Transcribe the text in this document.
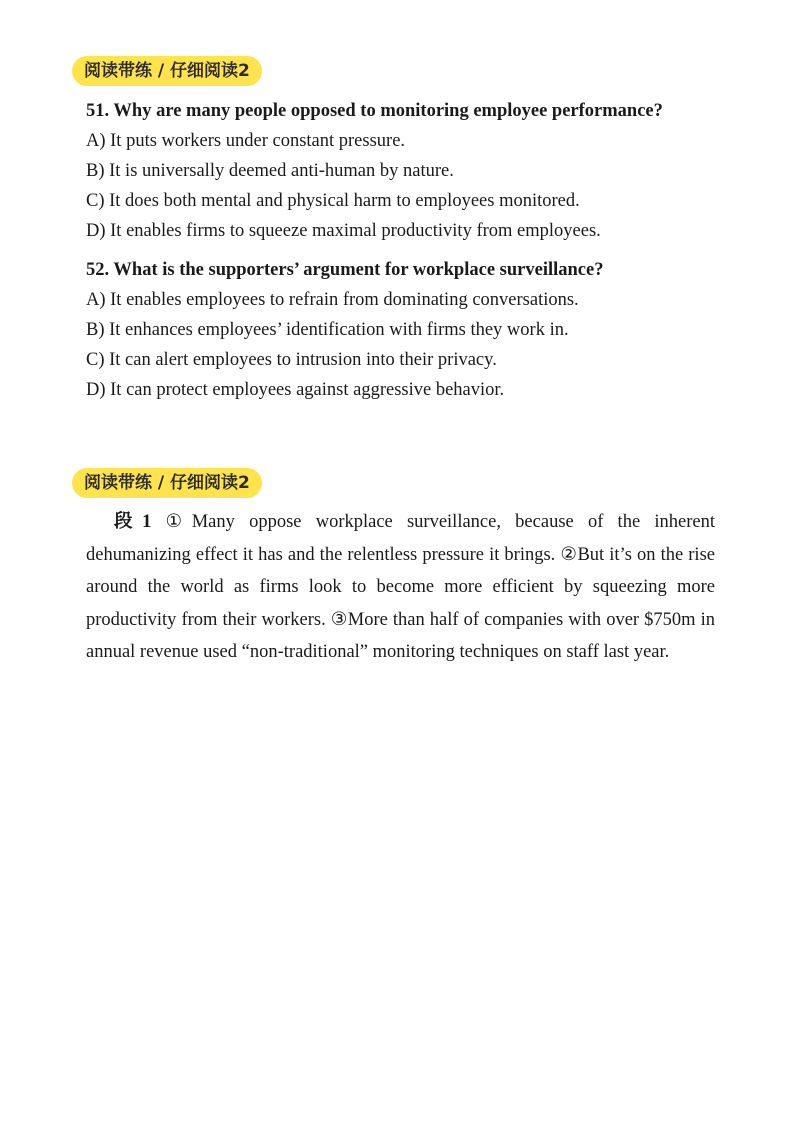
阅读带练 / 仔细阅读2

51. Why are many people opposed to monitoring employee performance?

A) It puts workers under constant pressure.

B) It is universally deemed anti-human by nature.

C) It does both mental and physical harm to employees monitored.

D) It enables firms to squeeze maximal productivity from employees.

52. What is the supporters’ argument for workplace surveillance?

A) It enables employees to refrain from dominating conversations.

B) It enhances employees’ identification with firms they work in.

C) It can alert employees to intrusion into their privacy.

D) It can protect employees against aggressive behavior.

阅读带练 / 仔细阅读2

段1 ①Many oppose workplace surveillance, because of the inherent dehumanizing effect it has and the relentless pressure it brings. ②But it’s on the rise around the world as firms look to become more efficient by squeezing more productivity from their workers. ③More than half of companies with over $750m in annual revenue used “non-traditional” monitoring techniques on staff last year.
